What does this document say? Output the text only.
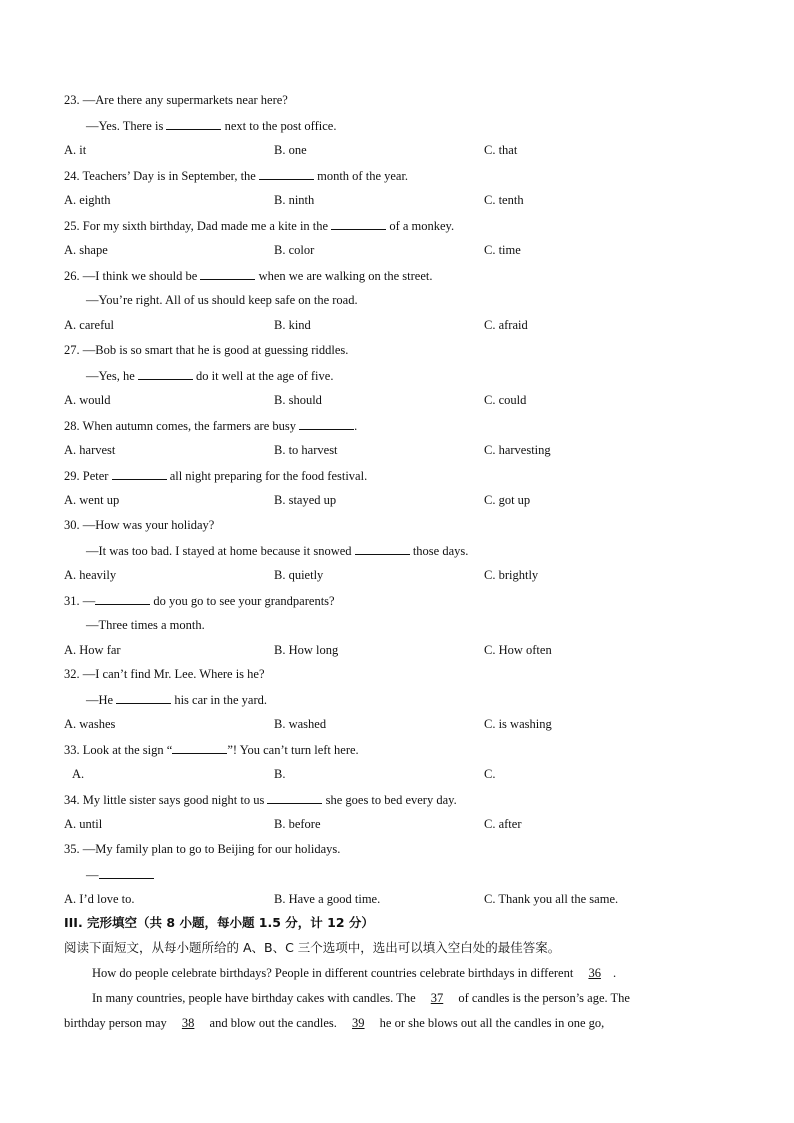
23. —Are there any supermarkets near here?
—Yes. There is	next to the post office.
A. it	B. one	C. that
24. Teachers’ Day is in September, the	month of the year.
A. eighth	B. ninth	C. tenth
25. For my sixth birthday, Dad made me a kite in the	of a monkey.
A. shape	B. color	C. time
26. —I think we should be	when we are walking on the street.
—You’re right. All of us should keep safe on the road.
A. careful	B. kind	C. afraid
27. —Bob is so smart that he is good at guessing riddles.
—Yes, he	do it well at the age of five.
A. would	B. should	C. could
28. When autumn comes, the farmers are busy	.
A. harvest	B. to harvest	C. harvesting
29. Peter	all night preparing for the food festival.
A. went up	B. stayed up	C. got up
30. —How was your holiday?
—It was too bad. I stayed at home because it snowed	those days.
A. heavily	B. quietly	C. brightly
31. —	do you go to see your grandparents?
—Three times a month.
A. How far	B. How long	C. How often
32. —I can’t find Mr. Lee. Where is he?
—He	his car in the yard.
A. washes	B. washed	C. is washing
33. Look at the sign “	”! You can’t turn left here.
A.	B.	C.
34. My little sister says good night to us	she goes to bed every day.
A. until	B. before	C. after
35. —My family plan to go to Beijing for our holidays.
—
A. I’d love to.	B. Have a good time.	C. Thank you all the same.
III. 完形填空（共 8 小题，每小题 1.5 分，计 12 分）
阅读下面短文，从每小题所给的 A、B、C 三个选项中，选出可以填入空白处的最佳答案。
How do people celebrate birthdays? People in different countries celebrate birthdays in different 36 .
In many countries, people have birthday cakes with candles. The 37 of candles is the person’s age. The
birthday person may 38 and blow out the candles. 39 he or she blows out all the candles in one go,
